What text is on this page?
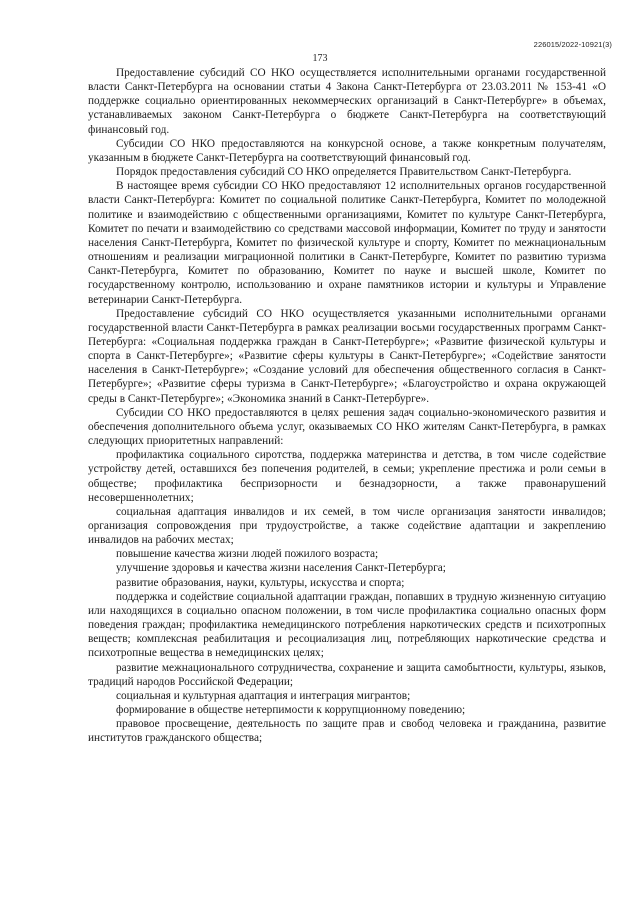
226015/2022-10921(3)
173

Предоставление субсидий СО НКО осуществляется исполнительными органами государственной власти Санкт-Петербурга на основании статьи 4 Закона Санкт-Петербурга от 23.03.2011 № 153-41 «О поддержке социально ориентированных некоммерческих организаций в Санкт-Петербурге» в объемах, устанавливаемых законом Санкт-Петербурга о бюджете Санкт-Петербурга на соответствующий финансовый год.

Субсидии СО НКО предоставляются на конкурсной основе, а также конкретным получателям, указанным в бюджете Санкт-Петербурга на соответствующий финансовый год.

Порядок предоставления субсидий СО НКО определяется Правительством Санкт-Петербурга.

В настоящее время субсидии СО НКО предоставляют 12 исполнительных органов государственной власти Санкт-Петербурга: Комитет по социальной политике Санкт-Петербурга, Комитет по молодежной политике и взаимодействию с общественными организациями, Комитет по культуре Санкт-Петербурга, Комитет по печати и взаимодействию со средствами массовой информации, Комитет по труду и занятости населения Санкт-Петербурга, Комитет по физической культуре и спорту, Комитет по межнациональным отношениям и реализации миграционной политики в Санкт-Петербурге, Комитет по развитию туризма Санкт-Петербурга, Комитет по образованию, Комитет по науке и высшей школе, Комитет по государственному контролю, использованию и охране памятников истории и культуры и Управление ветеринарии Санкт-Петербурга.

Предоставление субсидий СО НКО осуществляется указанными исполнительными органами государственной власти Санкт-Петербурга в рамках реализации восьми государственных программ Санкт-Петербурга: «Социальная поддержка граждан в Санкт-Петербурге»; «Развитие физической культуры и спорта в Санкт-Петербурге»; «Развитие сферы культуры в Санкт-Петербурге»; «Содействие занятости населения в Санкт-Петербурге»; «Создание условий для обеспечения общественного согласия в Санкт-Петербурге»; «Развитие сферы туризма в Санкт-Петербурге»; «Благоустройство и охрана окружающей среды в Санкт-Петербурге»; «Экономика знаний в Санкт-Петербурге».

Субсидии СО НКО предоставляются в целях решения задач социально-экономического развития и обеспечения дополнительного объема услуг, оказываемых СО НКО жителям Санкт-Петербурга, в рамках следующих приоритетных направлений:

профилактика социального сиротства, поддержка материнства и детства, в том числе содействие устройству детей, оставшихся без попечения родителей, в семьи; укрепление престижа и роли семьи в обществе; профилактика беспризорности и безнадзорности, а также правонарушений несовершеннолетних;

социальная адаптация инвалидов и их семей, в том числе организация занятости инвалидов; организация сопровождения при трудоустройстве, а также содействие адаптации и закреплению инвалидов на рабочих местах;

повышение качества жизни людей пожилого возраста;

улучшение здоровья и качества жизни населения Санкт-Петербурга;

развитие образования, науки, культуры, искусства и спорта;

поддержка и содействие социальной адаптации граждан, попавших в трудную жизненную ситуацию или находящихся в социально опасном положении, в том числе профилактика социально опасных форм поведения граждан; профилактика немедицинского потребления наркотических средств и психотропных веществ; комплексная реабилитация и ресоциализация лиц, потребляющих наркотические средства и психотропные вещества в немедицинских целях;

развитие межнационального сотрудничества, сохранение и защита самобытности, культуры, языков, традиций народов Российской Федерации;

социальная и культурная адаптация и интеграция мигрантов;

формирование в обществе нетерпимости к коррупционному поведению;

правовое просвещение, деятельность по защите прав и свобод человека и гражданина, развитие институтов гражданского общества;
